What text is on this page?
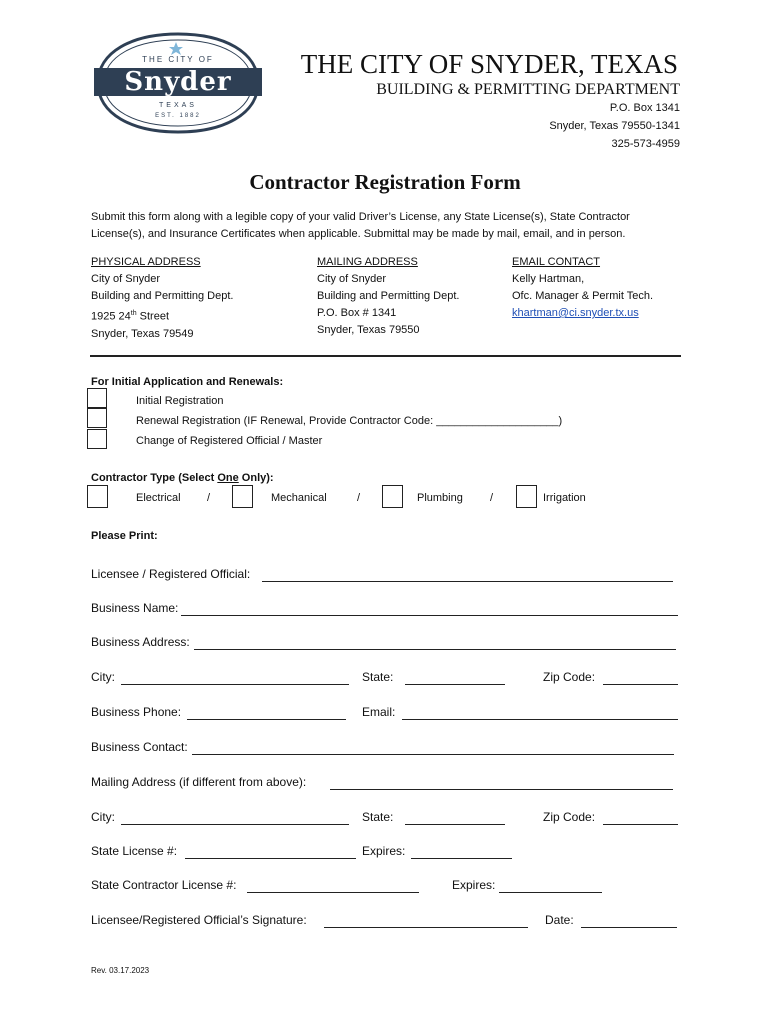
THE CITY OF
Snyder
TEXAS
EST. 1882
THE CITY OF SNYDER, TEXAS
BUILDING & PERMITTING DEPARTMENT
P.O. Box 1341
Snyder, Texas 79550-1341
325-573-4959
Contractor Registration Form
Submit this form along with a legible copy of your valid Driver’s License, any State License(s), State Contractor
License(s), and Insurance Certificates when applicable. Submittal may be made by mail, email, and in person.
PHYSICAL ADDRESS
City of Snyder
Building and Permitting Dept.
1925 24th Street
Snyder, Texas 79549
MAILING ADDRESS
City of Snyder
Building and Permitting Dept.
P.O. Box # 1341
Snyder, Texas 79550
EMAIL CONTACT
Kelly Hartman,
Ofc. Manager & Permit Tech.
khartman@ci.snyder.tx.us
For Initial Application and Renewals:
Initial Registration
Renewal Registration (IF Renewal, Provide Contractor Code: ____________________)
Change of Registered Official / Master
Contractor Type (Select One Only):
Electrical /	Mechanical	/	Plumbing /	Irrigation
Please Print:
Licensee / Registered Official:
Business Name:
Business Address:
City:	State:	Zip Code:
Business Phone:	Email:
Business Contact:
Mailing Address (if different from above):
City:	State:	Zip Code:
State License #:	Expires:
State Contractor License #:	Expires:
Licensee/Registered Official’s Signature:	Date:
Rev. 03.17.2023
